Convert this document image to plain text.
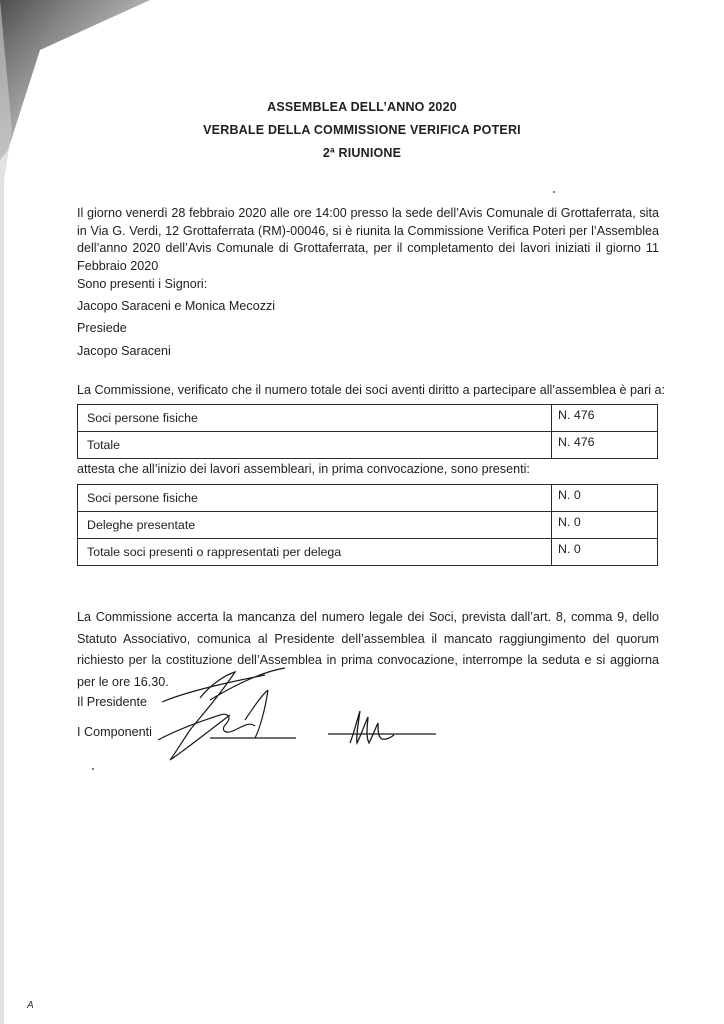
ASSEMBLEA DELL’ANNO 2020
VERBALE DELLA COMMISSIONE VERIFICA POTERI
2ª RIUNIONE
Il giorno venerdì 28 febbraio 2020 alle ore 14:00 presso la sede dell’Avis Comunale di Grottaferrata, sita in Via G. Verdi, 12 Grottaferrata (RM)-00046, si è riunita la Commissione Verifica Poteri per l’Assemblea dell’anno 2020 dell’Avis Comunale di Grottaferrata, per il completamento dei lavori iniziati il giorno 11 Febbraio 2020
Sono presenti i Signori:
Jacopo Saraceni e Monica Mecozzi
Presiede
Jacopo Saraceni
La Commissione, verificato che il numero totale dei soci aventi diritto a partecipare all’assemblea è pari a:
Soci persone fisiche	N. 476
Totale	N. 476
attesta che all’inizio dei lavori assembleari, in prima convocazione, sono presenti:
Soci persone fisiche	N. 0
Deleghe presentate	N. 0
Totale soci presenti o rappresentati per delega	N. 0
La Commissione accerta la mancanza del numero legale dei Soci, prevista dall’art. 8, comma 9, dello Statuto Associativo, comunica al Presidente dell’assemblea il mancato raggiungimento del quorum richiesto per la costituzione dell’Assemblea in prima convocazione, interrompe la seduta e si aggiorna per le ore 16.30.
Il Presidente
I Componenti
A
